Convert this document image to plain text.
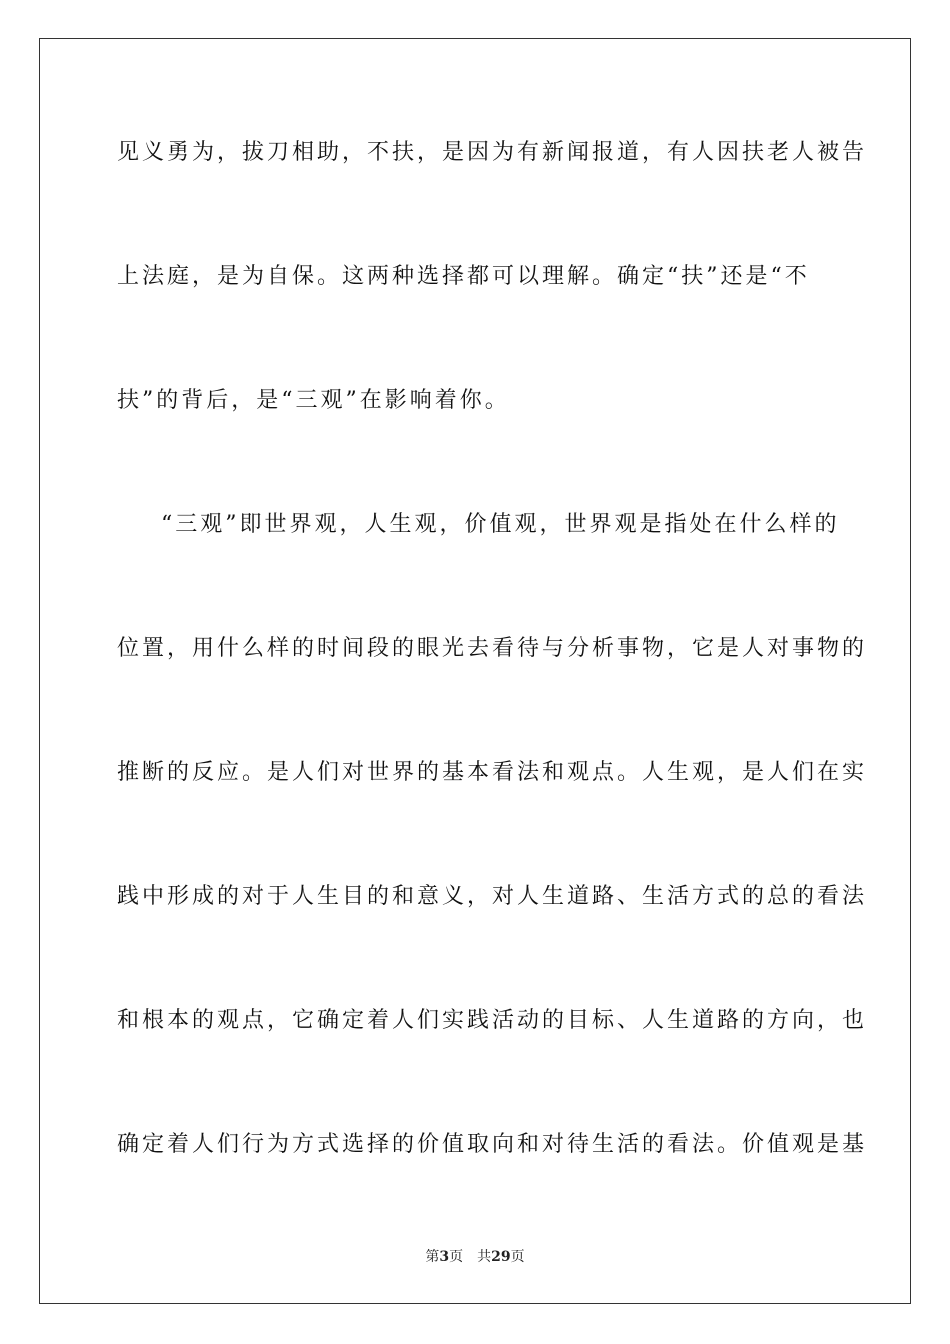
见义勇为，拔刀相助，不扶，是因为有新闻报道，有人因扶老人被告
上法庭，是为自保。这两种选择都可以理解。确定“扶”还是“不
扶”的背后，是“三观”在影响着你。
“三观”即世界观，人生观，价值观，世界观是指处在什么样的
位置，用什么样的时间段的眼光去看待与分析事物，它是人对事物的
推断的反应。是人们对世界的基本看法和观点。人生观，是人们在实
践中形成的对于人生目的和意义，对人生道路、生活方式的总的看法
和根本的观点，它确定着人们实践活动的目标、人生道路的方向，也
确定着人们行为方式选择的价值取向和对待生活的看法。价值观是基
第3页 共29页
